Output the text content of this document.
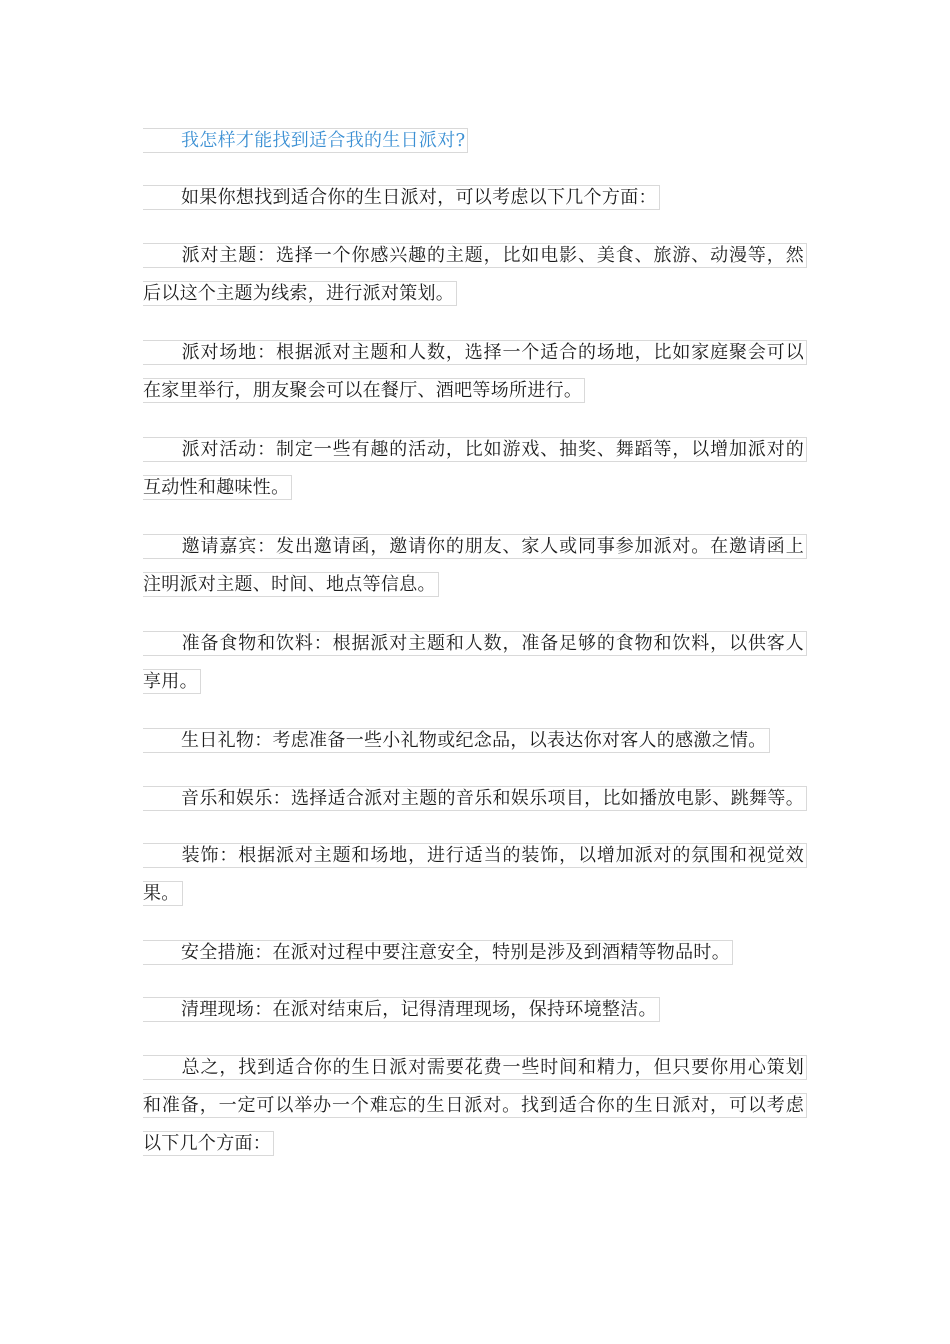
我怎样才能找到适合我的生日派对?
如果你想找到适合你的生日派对，可以考虑以下几个方面：
派对主题：选择一个你感兴趣的主题，比如电影、美食、旅游、动漫等，然
后以这个主题为线索，进行派对策划。
派对场地：根据派对主题和人数，选择一个适合的场地，比如家庭聚会可以
在家里举行，朋友聚会可以在餐厅、酒吧等场所进行。
派对活动：制定一些有趣的活动，比如游戏、抽奖、舞蹈等，以增加派对的
互动性和趣味性。
邀请嘉宾：发出邀请函，邀请你的朋友、家人或同事参加派对。在邀请函上
注明派对主题、时间、地点等信息。
准备食物和饮料：根据派对主题和人数，准备足够的食物和饮料，以供客人
享用。
生日礼物：考虑准备一些小礼物或纪念品，以表达你对客人的感激之情。
音乐和娱乐：选择适合派对主题的音乐和娱乐项目，比如播放电影、跳舞等。
装饰：根据派对主题和场地，进行适当的装饰，以增加派对的氛围和视觉效
果。
安全措施：在派对过程中要注意安全，特别是涉及到酒精等物品时。
清理现场：在派对结束后，记得清理现场，保持环境整洁。
总之，找到适合你的生日派对需要花费一些时间和精力，但只要你用心策划
和准备，一定可以举办一个难忘的生日派对。找到适合你的生日派对，可以考虑
以下几个方面：
